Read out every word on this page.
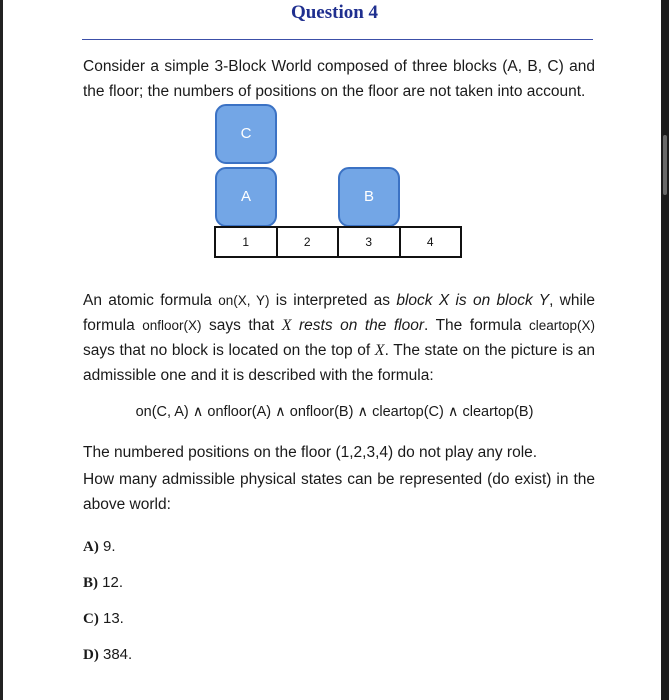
Question 4
Consider a simple 3-Block World composed of three blocks (A, B, C) and the floor; the numbers of positions on the floor are not taken into account.
C
A	B
1	2	3	4
An atomic formula on(X, Y) is interpreted as block X is on block Y, while formula onfloor(X) says that X rests on the floor. The formula cleartop(X) says that no block is located on the top of X. The state on the picture is an admissible one and it is described with the formula:
on(C, A) ∧ onfloor(A) ∧ onfloor(B) ∧ cleartop(C) ∧ cleartop(B)
The numbered positions on the floor (1,2,3,4) do not play any role.
How many admissible physical states can be represented (do exist) in the above world:
A) 9.
B) 12.
C) 13.
D) 384.
